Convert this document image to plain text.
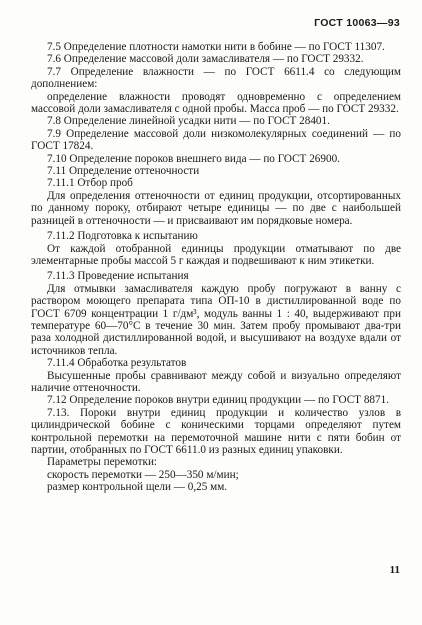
ГОСТ 10063—93

7.5 Определение плотности намотки нити в бобине — по ГОСТ 11307.

7.6 Определение массовой доли замасливателя — по ГОСТ 29332.

7.7 Определение влажности — по ГОСТ 6611.4 со следующим дополнением:

определение влажности проводят одновременно с определением массовой доли замасливателя с одной пробы. Масса проб — по ГОСТ 29332.

7.8 Определение линейной усадки нити — по ГОСТ 28401.

7.9 Определение массовой доли низкомолекулярных соединений — по ГОСТ 17824.

7.10 Определение пороков внешнего вида — по ГОСТ 26900.

7.11 Определение оттеночности

7.11.1 Отбор проб

Для определения оттеночности от единиц продукции, отсортированных по данному пороку, отбирают четыре единицы — по две с наибольшей разницей в оттеночности — и присваивают им порядковые номера.

7.11.2 Подготовка к испытанию

От каждой отобранной единицы продукции отматывают по две элементарные пробы массой 5 г каждая и подвешивают к ним этикетки.

7.11.3 Проведение испытания

Для отмывки замасливателя каждую пробу погружают в ванну с раствором моющего препарата типа ОП-10 в дистиллированной воде по ГОСТ 6709 концентрации 1 г/дм³, модуль ванны 1 : 40, выдерживают при температуре 60—70°С в течение 30 мин. Затем пробу промывают два-три раза холодной дистиллированной водой, и высушивают на воздухе вдали от источников тепла.

7.11.4 Обработка результатов

Высушенные пробы сравнивают между собой и визуально определяют наличие оттеночности.

7.12 Определение пороков внутри единиц продукции — по ГОСТ 8871.

7.13. Пороки внутри единиц продукции и количество узлов в цилиндрической бобине с коническими торцами определяют путем контрольной перемотки на перемоточной машине нити с пяти бобин от партии, отобранных по ГОСТ 6611.0 из разных единиц упаковки.

Параметры перемотки:
скорость перемотки — 250—350 м/мин;
размер контрольной щели — 0,25 мм.
11
